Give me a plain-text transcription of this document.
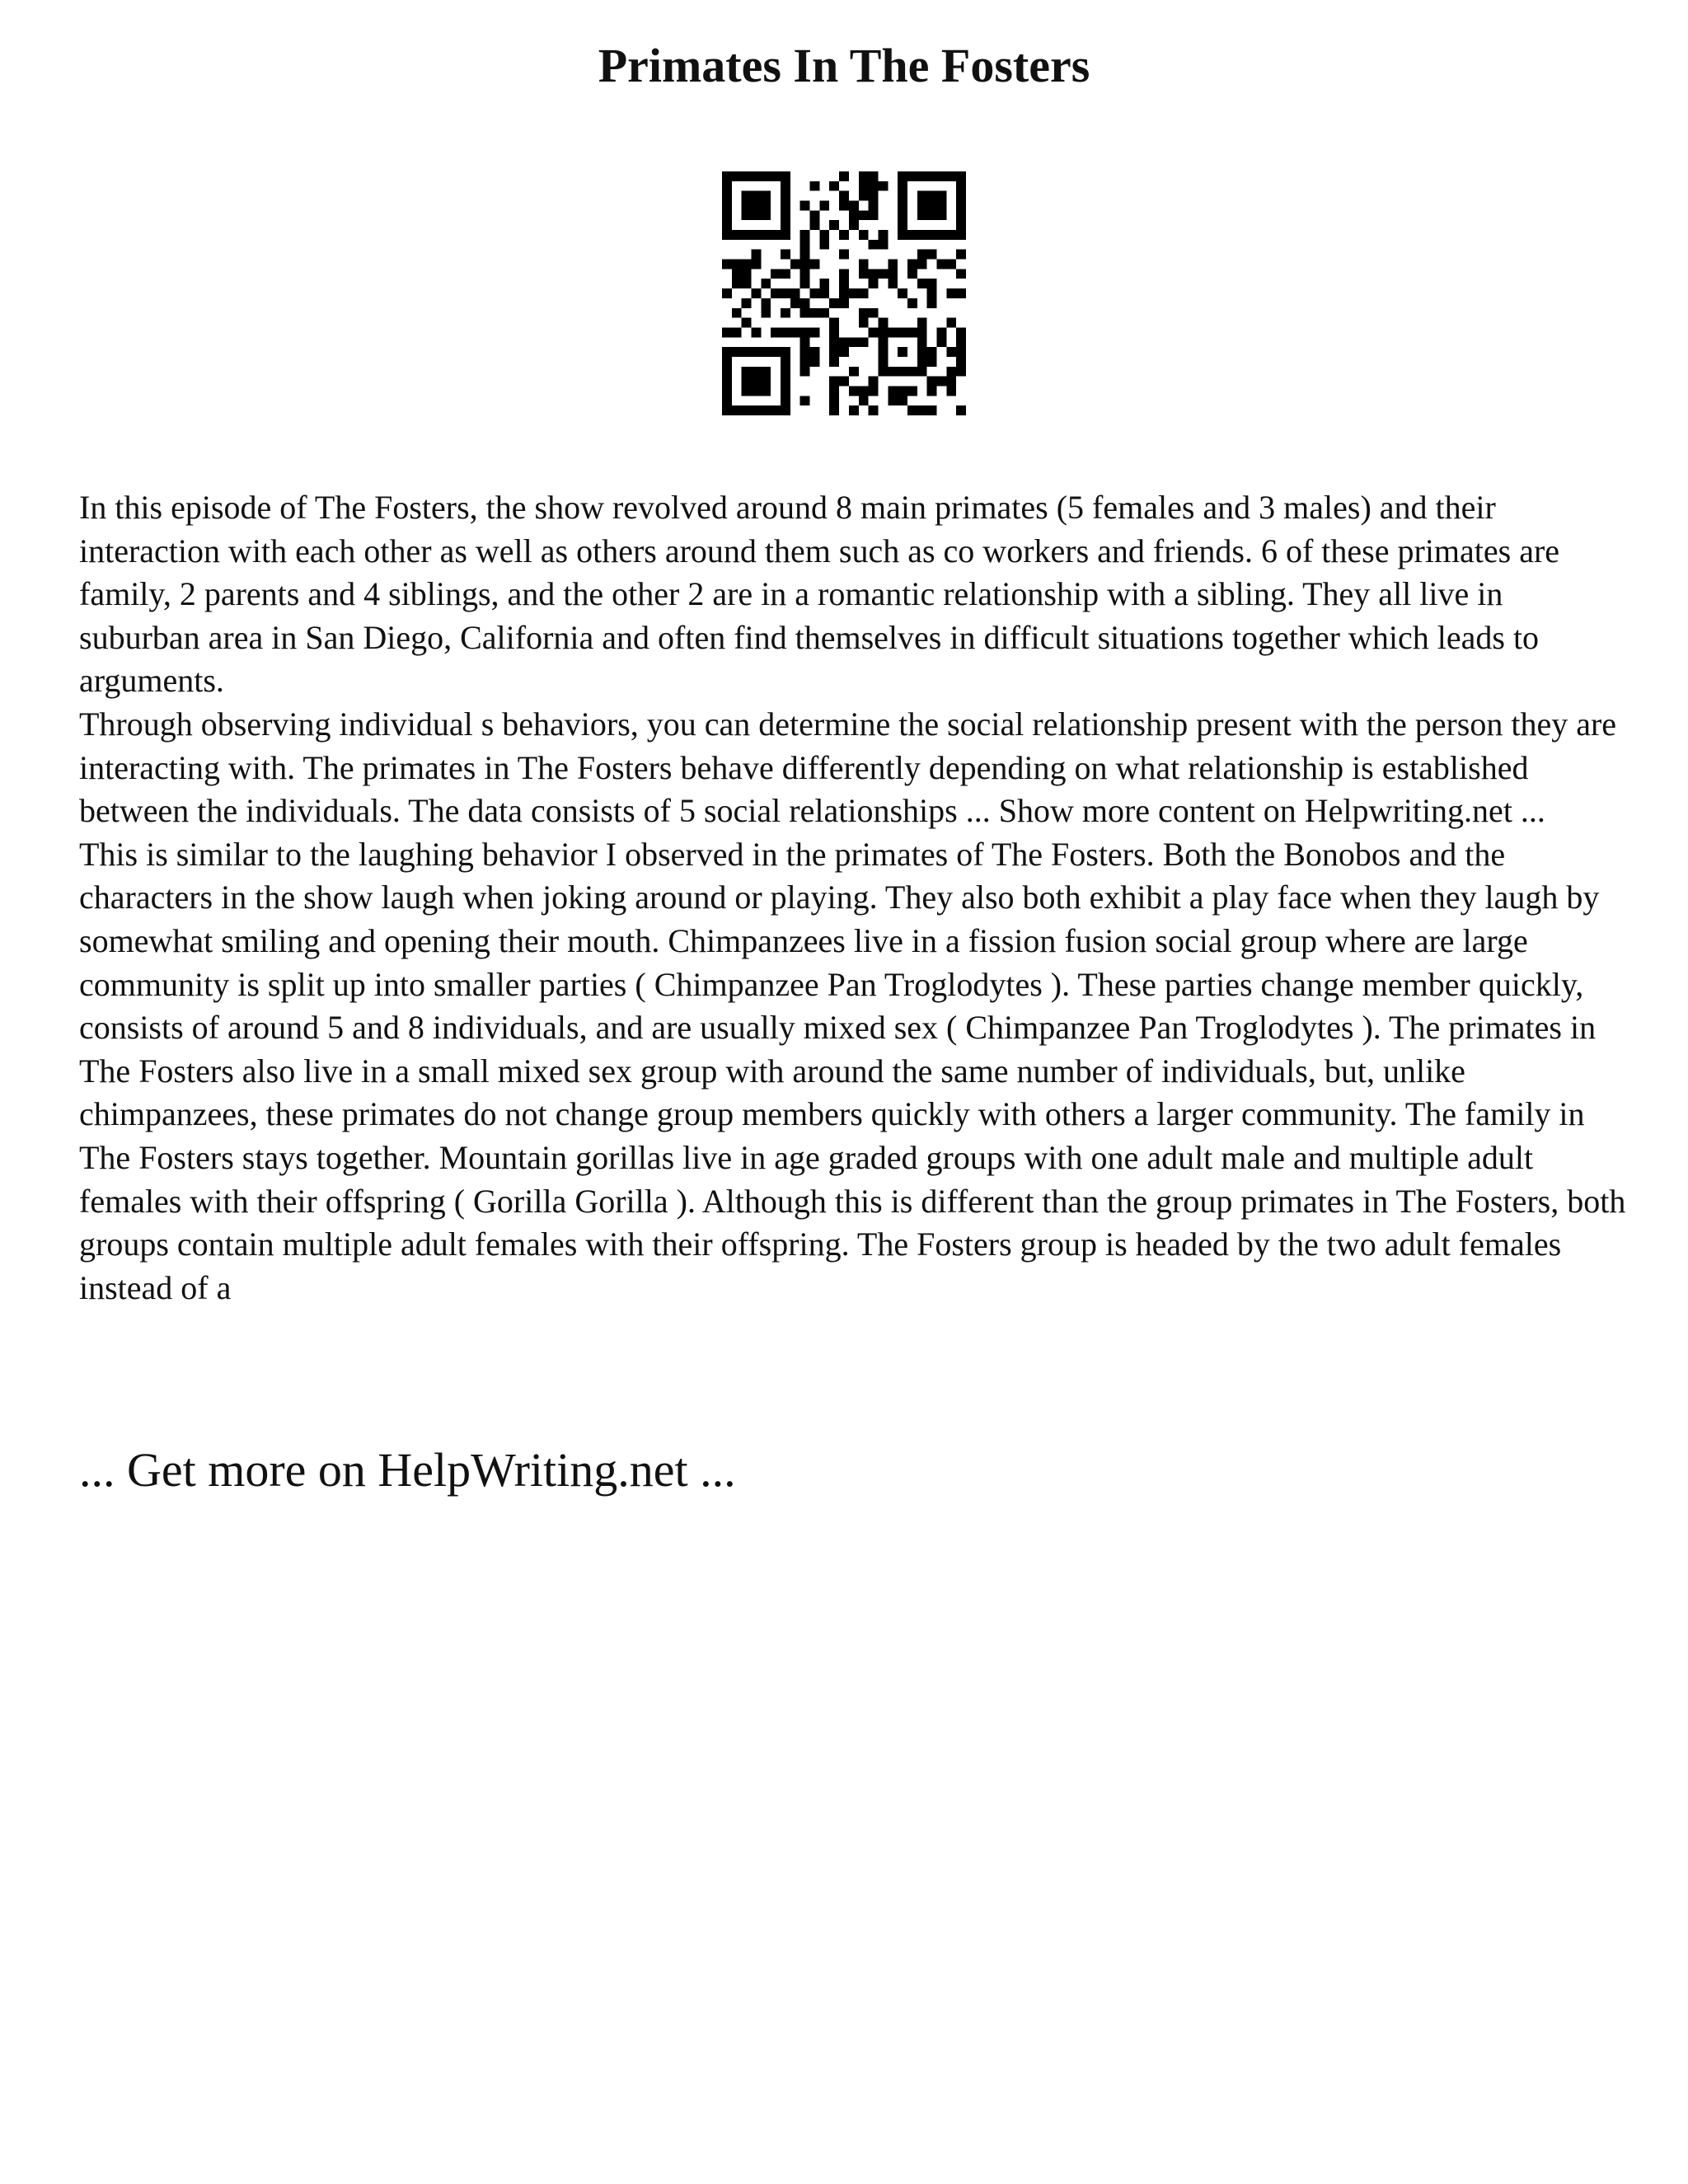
Primates In The Fosters

In this episode of The Fosters, the show revolved around 8 main primates (5 females and 3 males) and their interaction with each other as well as others around them such as co workers and friends. 6 of these primates are family, 2 parents and 4 siblings, and the other 2 are in a romantic relationship with a sibling. They all live in suburban area in San Diego, California and often find themselves in difficult situations together which leads to arguments.

Through observing individual s behaviors, you can determine the social relationship present with the person they are interacting with. The primates in The Fosters behave differently depending on what relationship is established between the individuals. The data consists of 5 social relationships ... Show more content on Helpwriting.net ...

This is similar to the laughing behavior I observed in the primates of The Fosters. Both the Bonobos and the characters in the show laugh when joking around or playing. They also both exhibit a play face when they laugh by somewhat smiling and opening their mouth. Chimpanzees live in a fission fusion social group where are large community is split up into smaller parties ( Chimpanzee Pan Troglodytes ). These parties change member quickly, consists of around 5 and 8 individuals, and are usually mixed sex ( Chimpanzee Pan Troglodytes ). The primates in The Fosters also live in a small mixed sex group with around the same number of individuals, but, unlike chimpanzees, these primates do not change group members quickly with others a larger community. The family in The Fosters stays together. Mountain gorillas live in age graded groups with one adult male and multiple adult females with their offspring ( Gorilla Gorilla ). Although this is different than the group primates in The Fosters, both groups contain multiple adult females with their offspring. The Fosters group is headed by the two adult females instead of a

... Get more on HelpWriting.net ...
